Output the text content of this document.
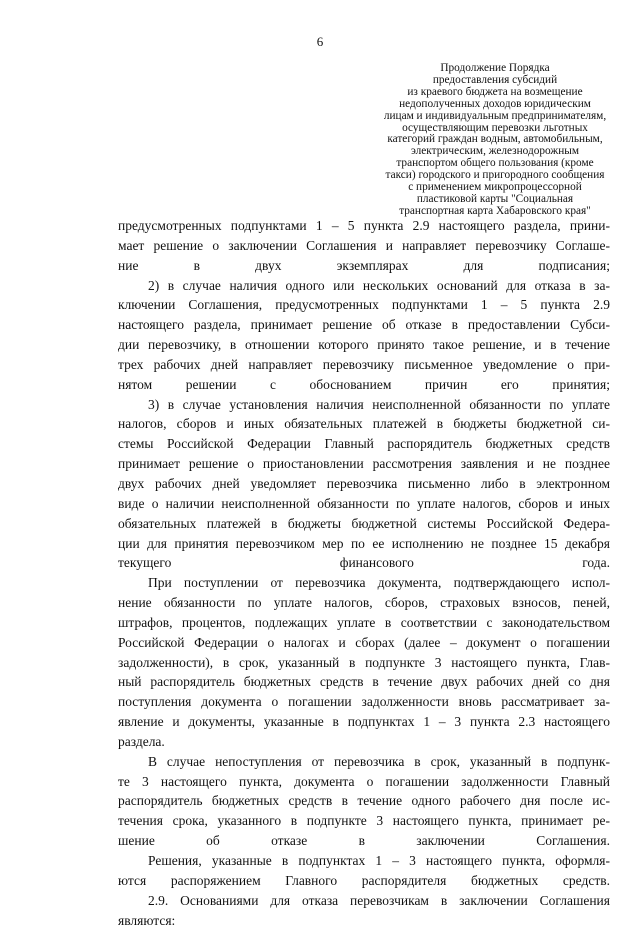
6
Продолжение Порядка
предоставления субсидий
из краевого бюджета на возмещение
недополученных доходов юридическим
лицам и индивидуальным предпринимателям,
осуществляющим перевозки льготных
категорий граждан водным, автомобильным,
электрическим, железнодорожным
транспортом общего пользования (кроме
такси) городского и пригородного сообщения
с применением микропроцессорной
пластиковой карты "Социальная
транспортная карта Хабаровского края"

предусмотренных подпунктами 1 – 5 пункта 2.9 настоящего раздела, прини-
мает решение о заключении Соглашения и направляет перевозчику Соглаше-
ние в двух экземплярах для подписания;

2) в случае наличия одного или нескольких оснований для отказа в за-
ключении Соглашения, предусмотренных подпунктами 1 – 5 пункта 2.9
настоящего раздела, принимает решение об отказе в предоставлении Субси-
дии перевозчику, в отношении которого принято такое решение, и в течение
трех рабочих дней направляет перевозчику письменное уведомление о при-
нятом решении с обоснованием причин его принятия;

3) в случае установления наличия неисполненной обязанности по уплате
налогов, сборов и иных обязательных платежей в бюджеты бюджетной си-
стемы Российской Федерации Главный распорядитель бюджетных средств
принимает решение о приостановлении рассмотрения заявления и не позднее
двух рабочих дней уведомляет перевозчика письменно либо в электронном
виде о наличии неисполненной обязанности по уплате налогов, сборов и иных
обязательных платежей в бюджеты бюджетной системы Российской Федера-
ции для принятия перевозчиком мер по ее исполнению не позднее 15 декабря
текущего финансового года.

При поступлении от перевозчика документа, подтверждающего испол-
нение обязанности по уплате налогов, сборов, страховых взносов, пеней,
штрафов, процентов, подлежащих уплате в соответствии с законодательством
Российской Федерации о налогах и сборах (далее – документ о погашении
задолженности), в срок, указанный в подпункте 3 настоящего пункта, Глав-
ный распорядитель бюджетных средств в течение двух рабочих дней со дня
поступления документа о погашении задолженности вновь рассматривает за-
явление и документы, указанные в подпунктах 1 – 3 пункта 2.3 настоящего
раздела.

В случае непоступления от перевозчика в срок, указанный в подпунк-
те 3 настоящего пункта, документа о погашении задолженности Главный
распорядитель бюджетных средств в течение одного рабочего дня после ис-
течения срока, указанного в подпункте 3 настоящего пункта, принимает ре-
шение об отказе в заключении Соглашения.

Решения, указанные в подпунктах 1 – 3 настоящего пункта, оформля-
ются распоряжением Главного распорядителя бюджетных средств.

2.9. Основаниями для отказа перевозчикам в заключении Соглашения
являются:
